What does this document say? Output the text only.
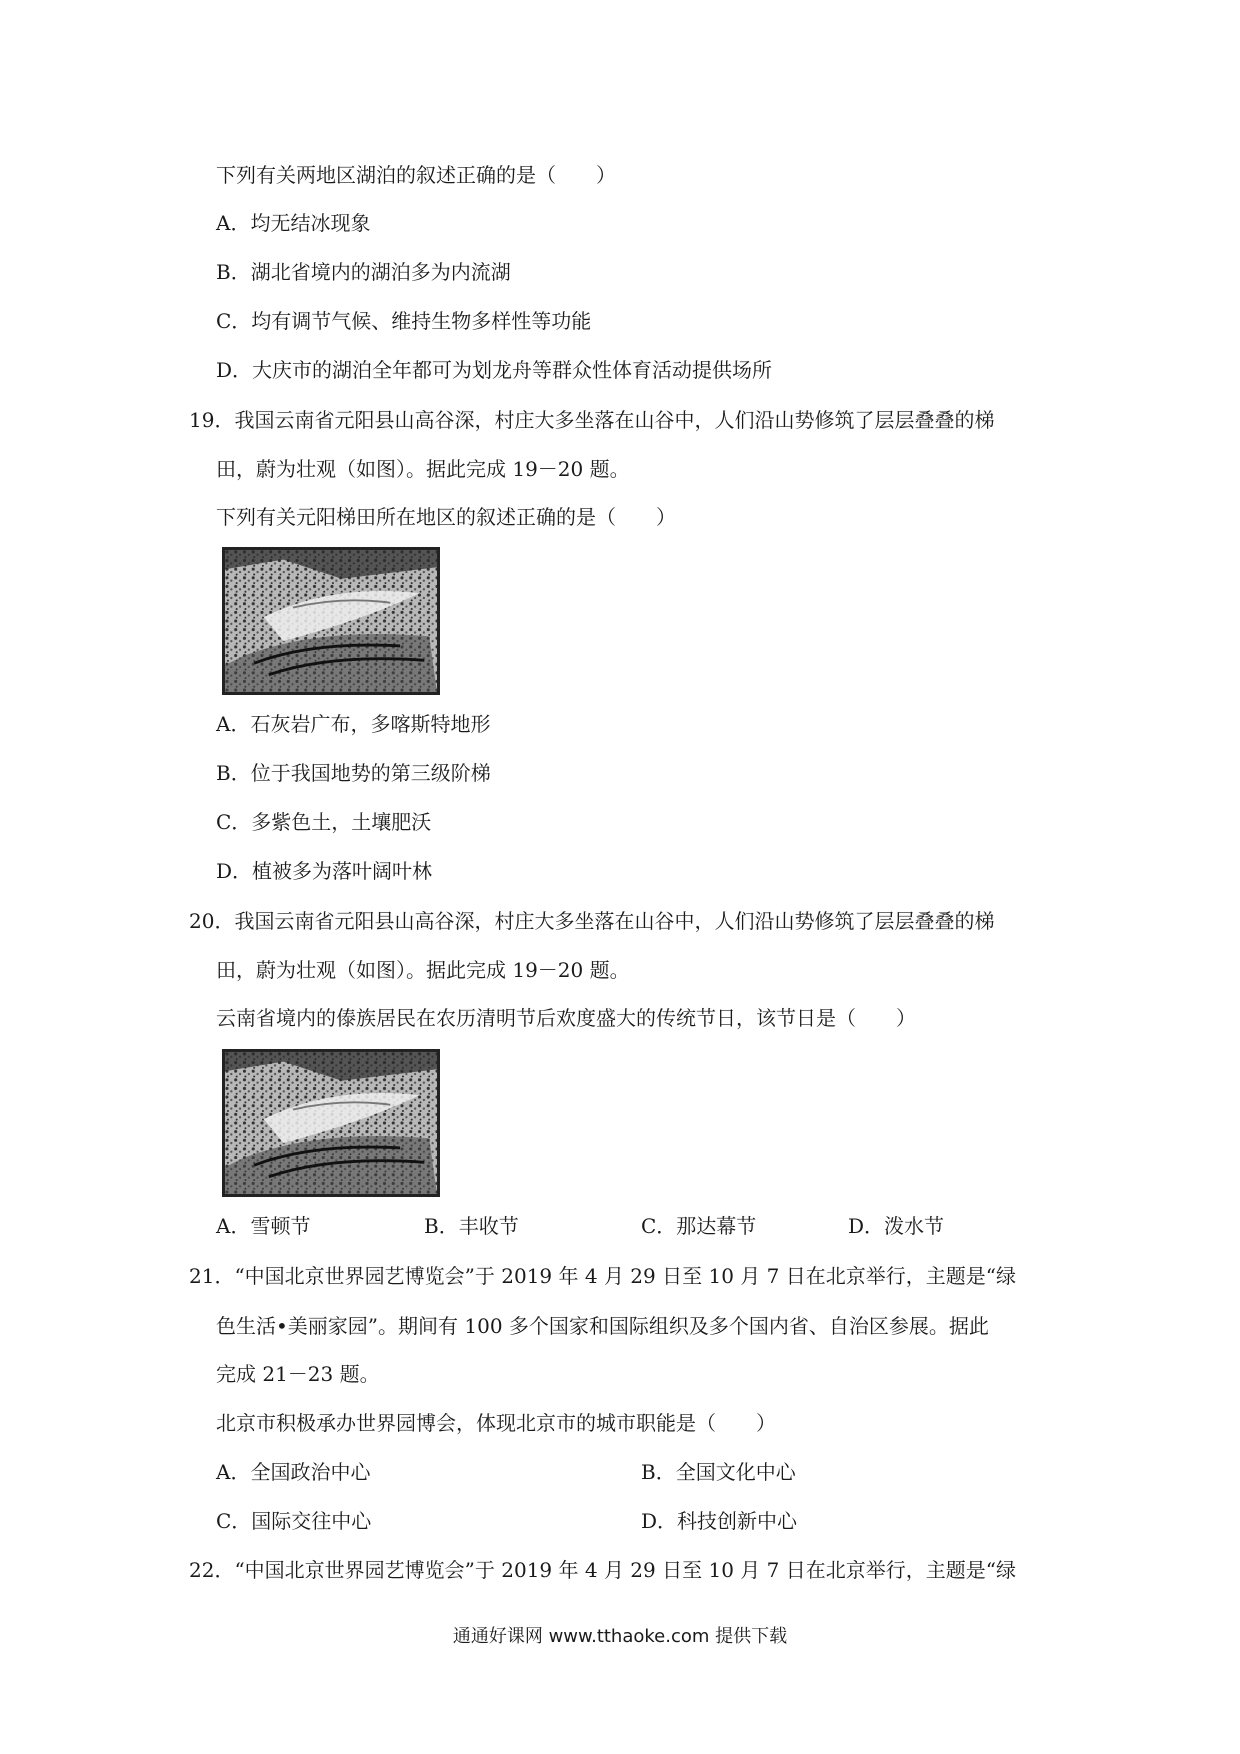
下列有关两地区湖泊的叙述正确的是（　　）
A．均无结冰现象
B．湖北省境内的湖泊多为内流湖
C．均有调节气候、维持生物多样性等功能
D．大庆市的湖泊全年都可为划龙舟等群众性体育活动提供场所
19．我国云南省元阳县山高谷深，村庄大多坐落在山谷中，人们沿山势修筑了层层叠叠的梯
田，蔚为壮观（如图）。据此完成 19－20 题。
下列有关元阳梯田所在地区的叙述正确的是（　　）
A．石灰岩广布，多喀斯特地形
B．位于我国地势的第三级阶梯
C．多紫色土，土壤肥沃
D．植被多为落叶阔叶林
20．我国云南省元阳县山高谷深，村庄大多坐落在山谷中，人们沿山势修筑了层层叠叠的梯
田，蔚为壮观（如图）。据此完成 19－20 题。
云南省境内的傣族居民在农历清明节后欢度盛大的传统节日，该节日是（　　）
A．雪顿节	B．丰收节	C．那达幕节	D．泼水节
21．“中国北京世界园艺博览会”于 2019 年 4 月 29 日至 10 月 7 日在北京举行，主题是“绿
色生活•美丽家园”。期间有 100 多个国家和国际组织及多个国内省、自治区参展。据此
完成 21－23 题。
北京市积极承办世界园博会，体现北京市的城市职能是（　　）
A．全国政治中心	B．全国文化中心
C．国际交往中心	D．科技创新中心
22．“中国北京世界园艺博览会”于 2019 年 4 月 29 日至 10 月 7 日在北京举行，主题是“绿
通通好课网 www.tthaoke.com 提供下载
